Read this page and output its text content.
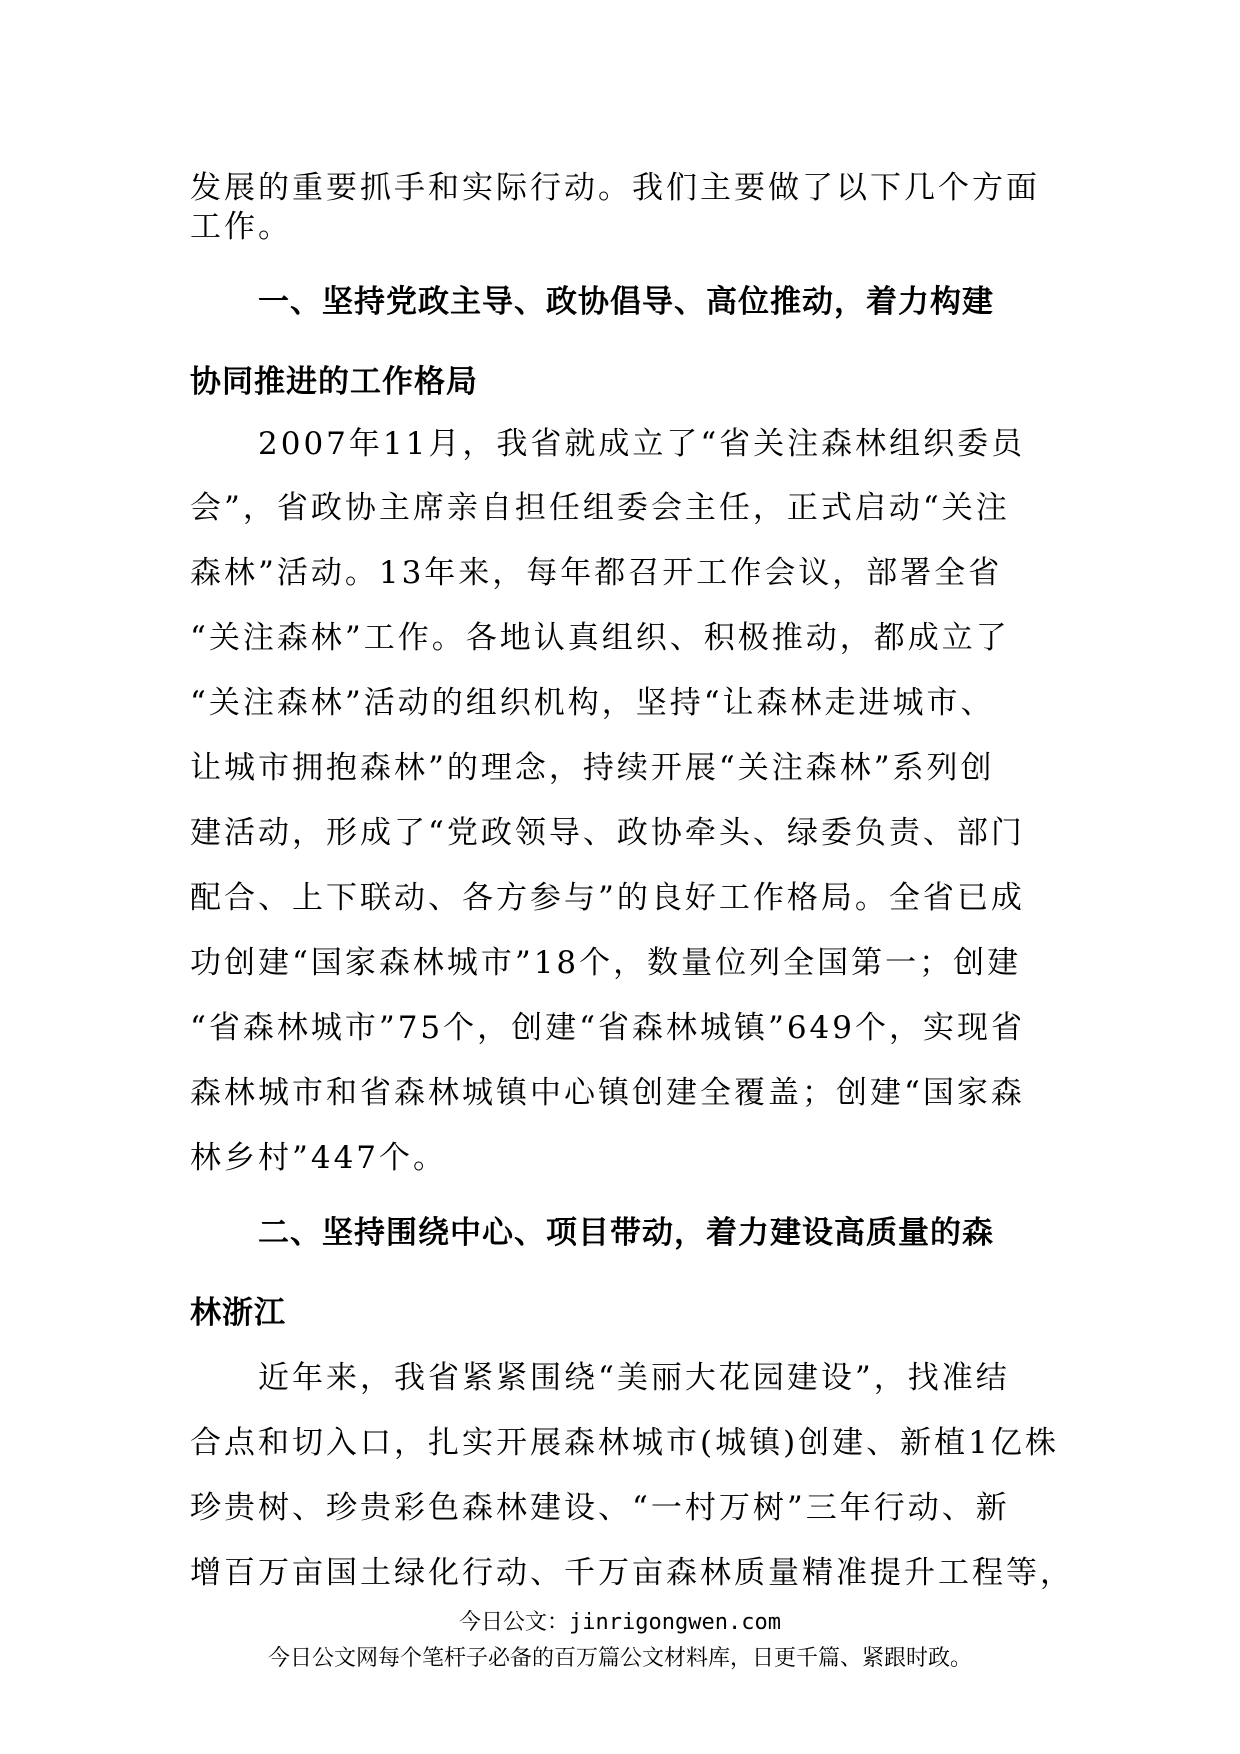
发展的重要抓手和实际行动。我们主要做了以下几个方面
工作。
一、坚持党政主导、政协倡导、高位推动，着力构建
协同推进的工作格局
2007年11月，我省就成立了“省关注森林组织委员
会”，省政协主席亲自担任组委会主任，正式启动“关注
森林”活动。13年来，每年都召开工作会议，部署全省
“关注森林”工作。各地认真组织、积极推动，都成立了
“关注森林”活动的组织机构，坚持“让森林走进城市、
让城市拥抱森林”的理念，持续开展“关注森林”系列创
建活动，形成了“党政领导、政协牵头、绿委负责、部门
配合、上下联动、各方参与”的良好工作格局。全省已成
功创建“国家森林城市”18个，数量位列全国第一；创建
“省森林城市”75个，创建“省森林城镇”649个，实现省
森林城市和省森林城镇中心镇创建全覆盖；创建“国家森
林乡村”447个。
二、坚持围绕中心、项目带动，着力建设高质量的森
林浙江
近年来，我省紧紧围绕“美丽大花园建设”，找准结
合点和切入口，扎实开展森林城市(城镇)创建、新植1亿株
珍贵树、珍贵彩色森林建设、“一村万树”三年行动、新
增百万亩国土绿化行动、千万亩森林质量精准提升工程等，
今日公文：jinrigongwen.com
今日公文网每个笔杆子必备的百万篇公文材料库，日更千篇、紧跟时政。
